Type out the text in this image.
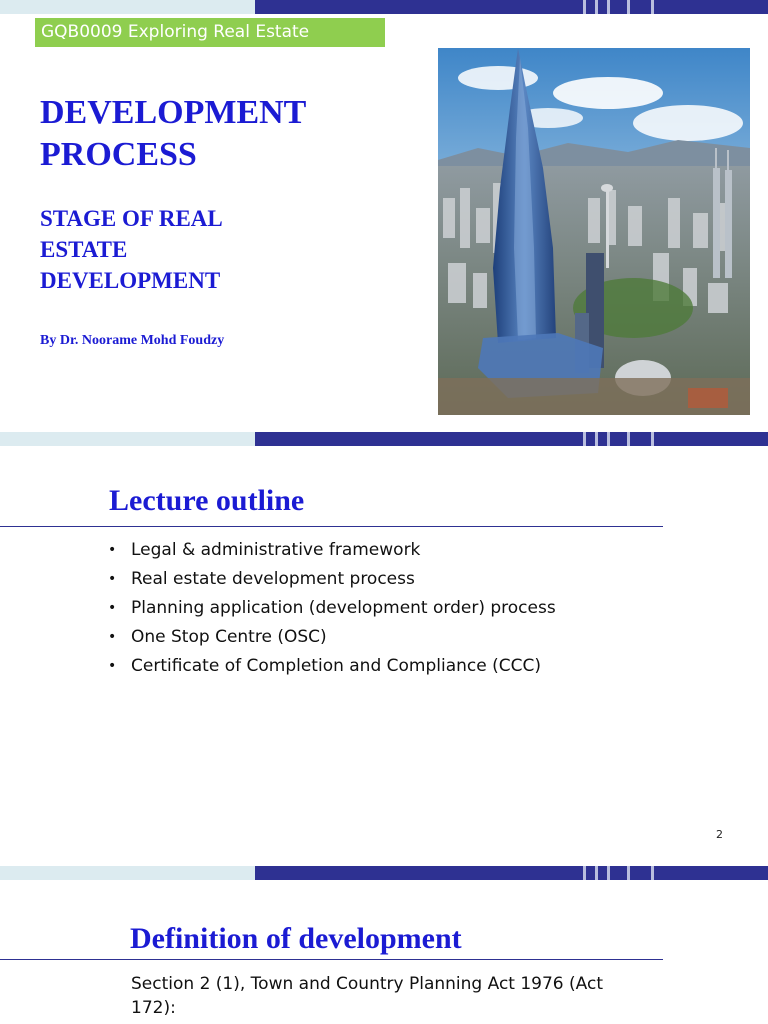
GQB0009 Exploring Real Estate
DEVELOPMENT
PROCESS
STAGE OF REAL
ESTATE
DEVELOPMENT
By Dr. Noorame Mohd Foudzy
Lecture outline
• Legal & administrative framework
• Real estate development process
• Planning application (development order) process
• One Stop Centre (OSC)
• Certificate of Completion and Compliance (CCC)
2
Definition of development

Section 2 (1), Town and Country Planning Act 1976 (Act
172):
